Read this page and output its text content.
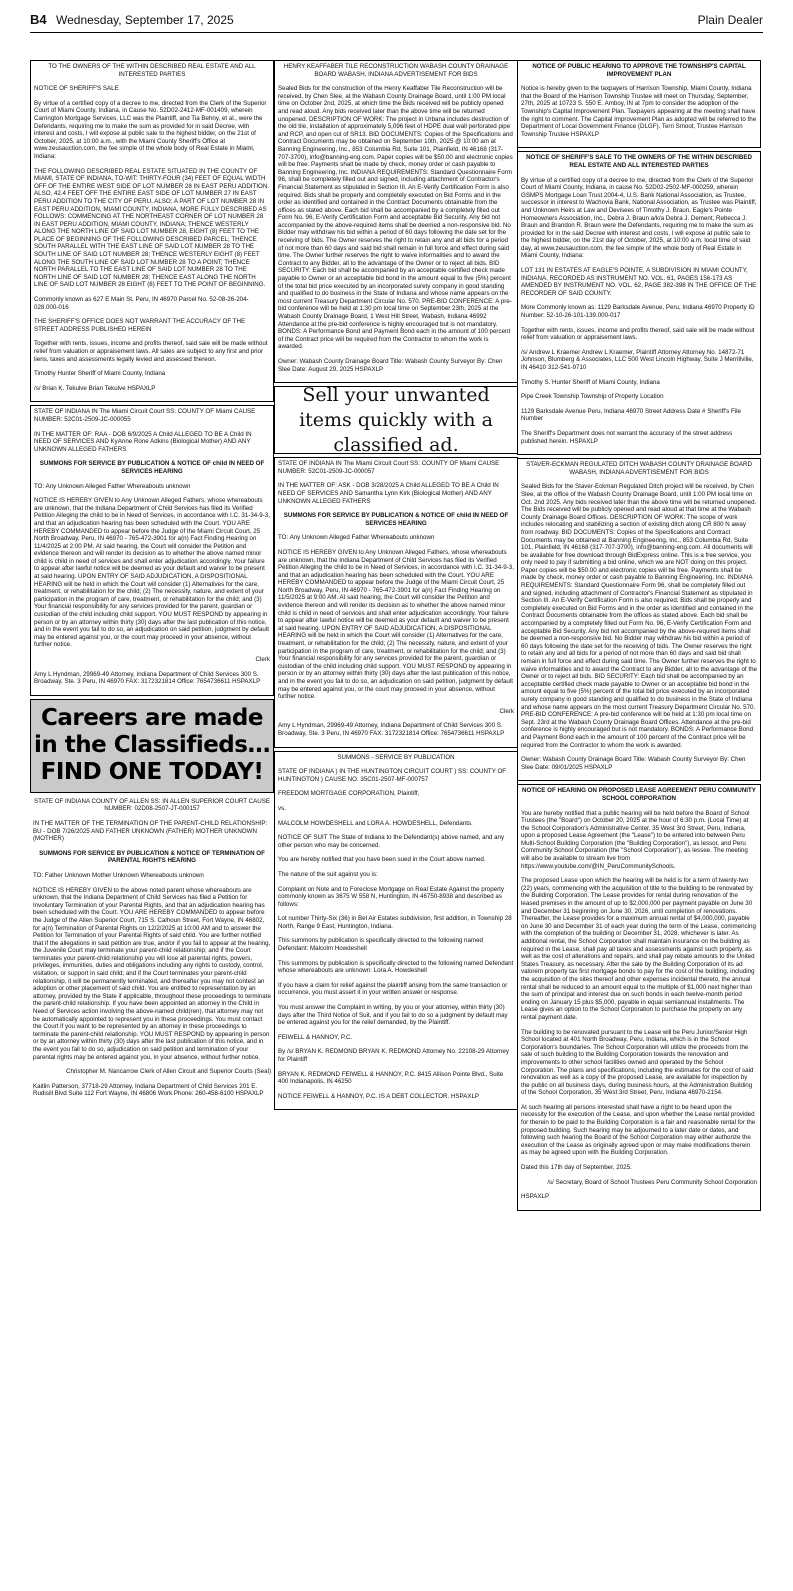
B4 Wednesday, September 17, 2025	Plain Dealer

TO THE OWNERS OF THE WITHIN DESCRIBED REAL ESTATE AND ALL INTERESTED PARTIES

NOTICE OF SHERIFF'S SALE

By virtue of a certified copy of a decree to me, directed from the Clerk of the Superior Court of Miami County, Indiana, in Cause No. 52D02-2412-MF-001409, wherein Carrington Mortgage Services, LLC was the Plaintiff, and Tia Behny, et al., were the Defendants, requiring me to make the sum as provided for in said Decree, with interest and costs, I will expose at public sale to the highest bidder, on the 21st of October, 2025, at 10:00 a.m., with the Miami County Sheriff's Office at www.zeusauction.com, the fee simple of the whole body of Real Estate in Miami, Indiana:

THE FOLLOWING DESCRIBED REAL ESTATE SITUATED IN THE COUNTY OF MIAMI, STATE OF INDIANA, TO-WIT: THIRTY-FOUR (34) FEET OF EQUAL WIDTH OFF OF THE ENTIRE WEST SIDE OF LOT NUMBER 28 IN EAST PERU ADDITION. ALSO, 42.4 FEET OFF THE ENTIRE EAST SIDE OF LOT NUMBER 27 IN EAST PERU ADDITION TO THE CITY OF PERU. ALSO; A PART OF LOT NUMBER 28 IN EAST PERU ADDITION, MIAMI COUNTY, INDIANA, MORE FULLY DESCRIBED AS FOLLOWS: COMMENCING AT THE NORTHEAST CORNER OF LOT NUMBER 28 IN EAST PERU ADDITION, MIAMI COUNTY, INDIANA; THENCE WESTERLY ALONG THE NORTH LINE OF SAID LOT NUMBER 28, EIGHT (8) FEET TO THE PLACE OF BEGINNING OF THE FOLLOWING DESCRIBED PARCEL; THENCE SOUTH PARALLEL WITH THE EAST LINE OF SAID LOT NUMBER 28 TO THE SOUTH LINE OF SAID LOT NUMBER 28; THENCE WESTERLY EIGHT (8) FEET ALONG THE SOUTH LINE OF SAID LOT NUMBER 28 TO A POINT; THENCE NORTH PARALLEL TO THE EAST LINE OF SAID LOT NUMBER 28 TO THE NORTH LINE OF SAID LOT NUMBER 28; THENCE EAST ALONG THE NORTH LINE OF SAID LOT NUMBER 28 EIGHT (8) FEET TO THE POINT OF BEGINNING.

Commonly known as 627 E Main St, Peru, IN 46970 Parcel No. 52-08-26-204-028.000-016

THE SHERIFF'S OFFICE DOES NOT WARRANT THE ACCURACY OF THE STREET ADDRESS PUBLISHED HEREIN

Together with rents, issues, income and profits thereof, said sale will be made without relief from valuation or appraisement laws. All sales are subject to any first and prior liens, taxes and assessments legally levied and assessed thereon.

Timothy Hunter Sheriff of Miami County, Indiana

/s/ Brian K. Tekulve Brian Tekulve HSPAXLP

STATE OF INDIANA IN The Miami Circuit Court SS: COUNTY OF Miami CAUSE NUMBER: 52C01-2509-JC-000055

IN THE MATTER OF: RAA - DOB 6/9/2025 A Child ALLEGED TO BE A Child IN NEED OF SERVICES AND KyAnne Rone Adkins (Biological Mother) AND ANY UNKNOWN ALLEGED FATHERS

SUMMONS FOR SERVICE BY PUBLICATION & NOTICE OF child IN NEED OF SERVICES HEARING

TO: Any Unknown Alleged Father Whereabouts unknown

NOTICE IS HEREBY GIVEN to Any Unknown Alleged Fathers, whose whereabouts are unknown, that the Indiana Department of Child Services has filed its Verified Petition Alleging the child to be in Need of Services, in accordance with I.C. 31-34-9-3, and that an adjudication hearing has been scheduled with the Court. YOU ARE HEREBY COMMANDED to appear before the Judge of the Miami Circuit Court, 25 North Broadway, Peru, IN 46970 - 765-472-3901 for a(n) Fact Finding Hearing on 11/4/2025 at 2:00 PM. At said hearing, the Court will consider the Petition and evidence thereon and will render its decision as to whether the above named minor child is child in need of services and shall enter adjudication accordingly. Your failure to appear after lawful notice will be deemed as your default and waiver to be present at said hearing. UPON ENTRY OF SAID ADJUDICATION, A DISPOSITIONAL HEARING will be held in which the Court will consider (1) Alternatives for the care, treatment, or rehabilitation for the child; (2) The necessity, nature, and extent of your participation in the program of care, treatment, or rehabilitation for the child; and (3) Your financial responsibility for any services provided for the parent, guardian or custodian of the child including child support. YOU MUST RESPOND by appearing in person or by an attorney within thirty (30) days after the last publication of this notice, and in the event you fail to do so, an adjudication on said petition, judgment by default may be entered against you, or the court may proceed in your absence, without further notice.

Clerk

Amy L Hyndman, 29969-49 Attorney, Indiana Department of Child Services 300 S. Broadway, Ste. 3 Peru, IN 46970 FAX: 3172321814 Office: 7654736611 HSPAXLP

Careers are made in the Classifieds… FIND ONE TODAY!

STATE OF INDIANA COUNTY OF ALLEN SS: IN ALLEN SUPERIOR COURT CAUSE NUMBER: 02D08-2507-JT-000157

IN THE MATTER OF THE TERMINATION OF THE PARENT-CHILD RELATIONSHIP: BU - DOB 7/26/2025 AND FATHER UNKNOWN (FATHER) MOTHER UNKNOWN (MOTHER)

SUMMONS FOR SERVICE BY PUBLICATION & NOTICE OF TERMINATION OF PARENTAL RIGHTS HEARING

TO: Father Unknown Mother Unknown Whereabouts unknown

NOTICE IS HEREBY GIVEN to the above noted parent whose whereabouts are unknown, that the Indiana Department of Child Services has filed a Petition for Involuntary Termination of your Parental Rights, and that an adjudication hearing has been scheduled with the Court. YOU ARE HEREBY COMMANDED to appear before the Judge of the Allen Superior Court, 715 S. Calhoun Street, Fort Wayne, IN 46802, for a(n) Termination of Parental Rights on 12/2/2025 at 10:00 AM and to answer the Petition for Termination of your Parental Rights of said child. You are further notified that if the allegations in said petition are true, and/or if you fail to appear at the hearing, the Juvenile Court may terminate your parent-child relationship; and if the Court terminates your parent-child relationship you will lose all parental rights, powers, privileges, immunities, duties and obligations including any rights to custody, control, visitation, or support in said child; and if the Court terminates your parent-child relationship, it will be permanently terminated, and thereafter you may not contest an adoption or other placement of said child. You are entitled to representation by an attorney, provided by the State if applicable, throughout these proceedings to terminate the parent-child relationship. If you have been appointed an attorney in the Child in Need of Services action involving the above-named child(ren), that attorney may not be automatically appointed to represent you in these proceedings. You must contact the Court if you want to be represented by an attorney in these proceedings to terminate the parent-child relationship. YOU MUST RESPOND by appearing in person or by an attorney within thirty (30) days after the last publication of this notice, and in the event you fail to do so, adjudication on said petition and termination of your parental rights may be entered against you, in your absence, without further notice.

Christopher M. Nancarrow Clerk of Allen Circuit and Superior Courts (Seal)

Kaitlin Patterson, 37718-29 Attorney, Indiana Department of Child Services 201 E. Rudisill Blvd Suite 112 Fort Wayne, IN 46806 Work Phone: 260-458-6100 HSPAXLP

HENRY KEAFFABER TILE RECONSTRUCTION WABASH COUNTY DRAINAGE BOARD WABASH, INDIANA ADVERTISEMENT FOR BIDS

Sealed Bids for the construction of the Henry Keaffaber Tile Reconstruction will be received, by Chen Slee, at the Wabash County Drainage Board, until 1:00 PM local time on October 2nd, 2025, at which time the Bids received will be publicly opened and read aloud. Any bids received later than the above time will be returned unopened. DESCRIPTION OF WORK: The project in Urbana includes destruction of the old tile, installation of approximately 5,096 feet of HDPE dual wall perforated pipe and RCP, and open cut of SR13. BID DOCUMENTS: Copies of the Specifications and Contract Documents may be obtained on September 10th, 2025 @ 10:00 am at Banning Engineering, Inc., 853 Columbia Rd, Suite 101, Plainfield, IN 46168 (317-707-3700), info@banning-eng.com. Paper copies will be $50.00 and electronic copies will be free. Payments shall be made by check, money order or cash payable to Banning Engineering, Inc. INDIANA REQUIREMENTS: Standard Questionnaire Form 96, shall be completely filled out and signed, including attachment of Contractor's Financial Statement as stipulated in Section III. An E-Verify Certification Form is also required. Bids shall be properly and completely executed on Bid Forms and in the order as identified and contained in the Contract Documents obtainable from the offices as stated above. Each bid shall be accompanied by a completely filled out Form No. 96, E-Verify Certification Form and acceptable Bid Security. Any bid not accompanied by the above-required items shall be deemed a non-responsive bid. No Bidder may withdraw his bid within a period of 60 days following the date set for the receiving of bids. The Owner reserves the right to retain any and all bids for a period of not more than 60 days and said bid shall remain in full force and effect during said time. The Owner further reserves the right to waive informalities and to award the Contract to any Bidder, all to the advantage of the Owner or to reject all bids. BID SECURITY: Each bid shall be accompanied by an acceptable certified check made payable to Owner or an acceptable bid bond in the amount equal to five (5%) percent of the total bid price executed by an incorporated surety company in good standing and qualified to do business in the State of Indiana and whose name appears on the most current Treasury Department Circular No. 570. PRE-BID CONFERENCE: A pre-bid conference will be held at 1:30 pm local time on September 23th, 2025 at the Wabash County Drainage Board, 1 West Hill Street, Wabash, Indiana 46992 Attendance at the pre-bid conference is highly encouraged but is not mandatory. BONDS: A Performance Bond and Payment Bond each in the amount of 100 percent of the Contract price will be required from the Contractor to whom the work is awarded.

Owner: Wabash County Drainage Board Title: Wabash County Surveyor By: Chen Slee Date: August 29, 2025 HSPAXLP

Sell your unwanted items quickly with a classified ad.

STATE OF INDIANA IN The Miami Circuit Court SS: COUNTY OF Miami CAUSE NUMBER: 52C01-2509-JC-000057

IN THE MATTER OF: ASK - DOB 3/28/2025 A Child ALLEGED TO BE A Child IN NEED OF SERVICES AND Samantha Lynn Kirk (Biological Mother) AND ANY UNKNOWN ALLEGED FATHERS

SUMMONS FOR SERVICE BY PUBLICATION & NOTICE OF child IN NEED OF SERVICES HEARING

TO: Any Unknown Alleged Father Whereabouts unknown

NOTICE IS HEREBY GIVEN to Any Unknown Alleged Fathers, whose whereabouts are unknown, that the Indiana Department of Child Services has filed its Verified Petition Alleging the child to be in Need of Services, in accordance with I.C. 31-34-9-3, and that an adjudication hearing has been scheduled with the Court. YOU ARE HEREBY COMMANDED to appear before the Judge of the Miami Circuit Court, 25 North Broadway, Peru, IN 46970 - 765-472-3901 for a(n) Fact Finding Hearing on 11/5/2025 at 9:00 AM. At said hearing, the Court will consider the Petition and evidence thereon and will render its decision as to whether the above named minor child is child in need of services and shall enter adjudication accordingly. Your failure to appear after lawful notice will be deemed as your default and waiver to be present at said hearing. UPON ENTRY OF SAID ADJUDICATION, A DISPOSITIONAL HEARING will be held in which the Court will consider (1) Alternatives for the care, treatment, or rehabilitation for the child; (2) The necessity, nature, and extent of your participation in the program of care, treatment, or rehabilitation for the child; and (3) Your financial responsibility for any services provided for the parent, guardian or custodian of the child including child support. YOU MUST RESPOND by appearing in person or by an attorney within thirty (30) days after the last publication of this notice, and in the event you fail to do so, an adjudication on said petition, judgment by default may be entered against you, or the court may proceed in your absence, without further notice.

Clerk

Amy L Hyndman, 29969-49 Attorney, Indiana Department of Child Services 300 S. Broadway, Ste. 3 Peru, IN 46970 FAX: 3172321814 Office: 7654736611 HSPAXLP

SUMMONS - SERVICE BY PUBLICATION

STATE OF INDIANA ) IN THE HUNTINGTON CIRCUIT COURT ) SS: COUNTY OF HUNTINGTON ) CAUSE NO. 35C01-2507-MF-000757

FREEDOM MORTGAGE CORPORATION, Plaintiff,

vs.

MALCOLM HOWDESHELL and LORA A. HOWDESHELL, Defendants.

NOTICE OF SUIT The State of Indiana to the Defendant(s) above named, and any other person who may be concerned.

You are hereby notified that you have been sued in the Court above named.

The nature of the suit against you is:

Complaint on Note and to Foreclose Mortgage on Real Estate Against the property commonly known as 3675 W 558 N, Huntington, IN 46750-8938 and described as follows:

Lot number Thirty-Six (36) in Bel Air Estates subdivision, first addition, in Township 28 North, Range 9 East, Huntington, Indiana.

This summons by publication is specifically directed to the following named Defendant: Malcolm Howdeshell

This summons by publication is specifically directed to the following named Defendant whose whereabouts are unknown: Lora A. Howdeshell

If you have a claim for relief against the plaintiff arising from the same transaction or occurrence, you must assert it in your written answer or response.

You must answer the Complaint in writing, by you or your attorney, within thirty (30) days after the Third Notice of Suit, and if you fail to do so a judgment by default may be entered against you for the relief demanded, by the Plaintiff.

FEIWELL & HANNOY, P.C.

By /s/ BRYAN K. REDMOND BRYAN K. REDMOND Attorney No. 22108-29 Attorney for Plaintiff

BRYAN K. REDMOND FEIWELL & HANNOY, P.C. 8415 Allison Pointe Blvd., Suite 400 Indianapolis, IN 46250

NOTICE FEIWELL & HANNOY, P.C. IS A DEBT COLLECTOR. HSPAXLP

NOTICE OF PUBLIC HEARING TO APPROVE THE TOWNSHIP'S CAPITAL IMPROVEMENT PLAN

Notice is hereby given to the taxpayers of Harrison Township, Miami County, Indiana that the Board of the Harrison Township Trustee will meet on Thursday, September, 27th, 2025 at 10723 S. 550 E. Amboy, IN at 7pm to consider the adoption of the Township's Capital Improvement Plan. Taxpayers appearing at the meeting shall have the right to comment. The Capital Improvement Plan as adopted will be referred to the Department of Local Government Finance (DLGF). Terri Smoot, Trustee Harrison Township Trustee HSPAXLP

NOTICE OF SHERIFF'S SALE TO THE OWNERS OF THE WITHIN DESCRIBED REAL ESTATE AND ALL INTERESTED PARTIES

By virtue of a certified copy of a decree to me, directed from the Clerk of the Superior Court of Miami County, Indiana, in cause No. 52D02-2502-MF-000259, wherein GSMPS Mortgage Loan Trust 2004-4, U.S. Bank National Association, as Trustee, successor in interest to Wachovia Bank, National Association, as Trustee was Plaintiff, and Unknown Heirs at Law and Devisees of Timothy J. Braun, Eagle's Pointe Homeowners Association, Inc., Debra J. Braun a/k/a Debra J. Dement, Rebecca J. Braun and Brandon R. Braun were the Defendants, requiring me to make the sum as provided for in the said Decree with interest and costs, I will expose at public sale to the highest bidder, on the 21st day of October, 2025, at 10:00 a.m. local time of said day, at www.zeusauction.com, the fee simple of the whole body of Real Estate in Miami County, Indiana:

LOT 131 IN ESTATES AT EAGLE'S POINTE, A SUBDIVISION IN MIAMI COUNTY, INDIANA, RECORDED AS INSTRUMENT NO. VOL. 61, PAGES 156-173 AS AMENDED BY INSTRUMENT NO. VOL. 62, PAGE 382-398 IN THE OFFICE OF THE RECORDER OF SAID COUNTY.

More Commonly known as: 1129 Barksdale Avenue, Peru, Indiana 46970 Property ID Number: 52-10-26-101-139.000-017

Together with rents, issues, income and profits thereof, said sale will be made without relief from valuation or appraisement laws.

/s/ Andrew L Kraemer Andrew L Kraemer, Plaintiff Attorney Attorney No. 14872-71 Johnson, Blumberg & Associates, LLC 500 West Lincoln Highway, Suite J Merrillville, IN 46410 312-541-9710

Timothy S. Hunter Sheriff of Miami County, Indiana

Pipe Creek Township Township of Property Location

1129 Barksdale Avenue Peru, Indiana 46970 Street Address Date # Sheriff's File Number

The Sheriff's Department does not warrant the accuracy of the street address published herein. HSPAXLP

STAVER-ECKMAN REGULATED DITCH WABASH COUNTY DRAINAGE BOARD WABASH, INDIANA ADVERTISEMENT FOR BIDS

Sealed Bids for the Staver-Eckman Regulated Ditch project will be received, by Chen Slee, at the office of the Wabash County Drainage Board, until 1:00 PM local time on Oct. 2nd 2025. Any bids received later than the above time will be returned unopened. The Bids received will be publicly opened and read aloud at that time at the Wabash County Drainage Board Offices. DESCRIPTION OF WORK: The scope of work includes relocating and stabilizing a section of existing ditch along CR 800 N away from roadway. BID DOCUMENTS: Copies of the Specifications and Contract Documents may be obtained at Banning Engineering, Inc., 853 Columbia Rd, Suite 101, Plainfield, IN 46168 (317-707-3700), info@banning-eng.com. All documents will be available for free download through BidExpress online. This is a free service, you only need to pay if submitting a bid online, which we are NOT doing on this project. Paper copies will be $50.00 and electronic copies will be free. Payments shall be made by check, money order or cash payable to Banning Engineering, Inc. INDIANA REQUIREMENTS: Standard Questionnaire Form 96, shall be completely filled out and signed, including attachment of Contractor's Financial Statement as stipulated in Section III. An E-Verify Certification Form is also required. Bids shall be properly and completely executed on Bid Forms and in the order as identified and contained in the Contract Documents obtainable from the offices as stated above. Each bid shall be accompanied by a completely filled out Form No. 96, E-Verify Certification Form and acceptable Bid Security. Any bid not accompanied by the above-required items shall be deemed a non-responsive bid. No Bidder may withdraw his bid within a period of 60 days following the date set for the receiving of bids. The Owner reserves the right to retain any and all bids for a period of not more than 60 days and said bid shall remain in full force and effect during said time. The Owner further reserves the right to waive informalities and to award the Contract to any Bidder, all to the advantage of the Owner or to reject all bids. BID SECURITY: Each bid shall be accompanied by an acceptable certified check made payable to Owner or an acceptable bid bond in the amount equal to five (5%) percent of the total bid price executed by an incorporated surety company in good standing and qualified to do business in the State of Indiana and whose name appears on the most current Treasury Department Circular No. 570. PRE-BID CONFERENCE: A pre-bid conference will be held at 1:30 pm local time on Sept. 23rd at the Wabash County Drainage Board Offices. Attendance at the pre-bid conference is highly encouraged but is not mandatory. BONDS: A Performance Bond and Payment Bond each in the amount of 100 percent of the Contract price will be required from the Contractor to whom the work is awarded.

Owner: Wabash County Drainage Board Title: Wabash County Surveyor By: Chen Slee Date: 09/01/2025 HSPAXLP

NOTICE OF HEARING ON PROPOSED LEASE AGREEMENT PERU COMMUNITY SCHOOL CORPORATION

You are hereby notified that a public hearing will be held before the Board of School Trustees (the "Board") on October 20, 2025 at the hour of 6:30 p.m. (Local Time) at the School Corporation's Administrative Center, 35 West 3rd Street, Peru, Indiana, upon a proposed Lease Agreement (the "Lease") to be entered into between Peru Multi-School Building Corporation (the "Building Corporation"), as lessor, and Peru Community School Corporation (the "School Corporation"), as lessee. The meeting will also be available to stream live from https://www.youtube.com/@IN_PeruCommunitySchools.

The proposed Lease upon which the hearing will be held is for a term of twenty-two (22) years, commencing with the acquisition of title to the building to be renovated by the Building Corporation. The Lease provides for rental during renovation of the leased premises in the amount of up to $2,000,000 per payment payable on June 30 and December 31 beginning on June 30, 2026, until completion of renovations. Thereafter, the Lease provides for a maximum annual rental of $4,000,000, payable on June 30 and December 31 of each year during the term of the Lease, commencing with the completion of the building or December 31, 2028, whichever is later. As additional rental, the School Corporation shall maintain insurance on the building as required in the Lease, shall pay all taxes and assessments against such property, as well as the cost of alterations and repairs, and shall pay rebate amounts to the United States Treasury, as necessary. After the sale by the Building Corporation of its ad valorem property tax first mortgage bonds to pay for the cost of the building, including the acquisition of the sites thereof and other expenses incidental thereto, the annual rental shall be reduced to an amount equal to the multiple of $1,000 next higher than the sum of principal and interest due on such bonds in each twelve-month period ending on January 15 plus $5,000, payable in equal semiannual installments. The Lease gives an option to the School Corporation to purchase the property on any rental payment date.

The building to be renovated pursuant to the Lease will be Peru Junior/Senior High School located at 401 North Broadway, Peru, Indiana, which is in the School Corporation's boundaries. The School Corporation will utilize the proceeds from the sale of such building to the Building Corporation towards the renovation and improvements to other school facilities owned and operated by the School Corporation. The plans and specifications, including the estimates for the cost of said renovation as well as a copy of the proposed Lease, are available for inspection by the public on all business days, during business hours, at the Administration Building of the School Corporation, 35 West 3rd Street, Peru, Indiana 46970-2154.

At such hearing all persons interested shall have a right to be heard upon the necessity for the execution of the Lease, and upon whether the Lease rental provided for therein to be paid to the Building Corporation is a fair and reasonable rental for the proposed building. Such hearing may be adjourned to a later date or dates, and following such hearing the Board of the School Corporation may either authorize the execution of the Lease as originally agreed upon or may make modifications therein as may be agreed upon with the Building Corporation.

Dated this 17th day of September, 2025.

/s/ Secretary, Board of School Trustees Peru Community School Corporation

HSPAXLP
